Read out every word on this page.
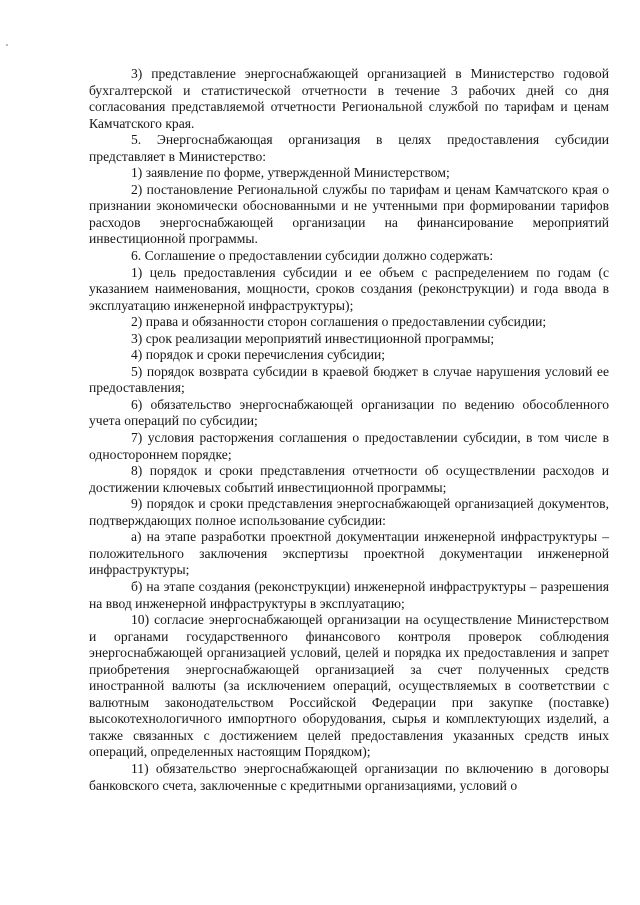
3) представление энергоснабжающей организацией в Министерство годовой бухгалтерской и статистической отчетности в течение 3 рабочих дней со дня согласования представляемой отчетности Региональной службой по тарифам и ценам Камчатского края.

5. Энергоснабжающая организация в целях предоставления субсидии представляет в Министерство:

1) заявление по форме, утвержденной Министерством;

2) постановление Региональной службы по тарифам и ценам Камчатского края о признании экономически обоснованными и не учтенными при формировании тарифов расходов энергоснабжающей организации на финансирование мероприятий инвестиционной программы.

6. Соглашение о предоставлении субсидии должно содержать:

1) цель предоставления субсидии и ее объем с распределением по годам (с указанием наименования, мощности, сроков создания (реконструкции) и года ввода в эксплуатацию инженерной инфраструктуры);

2) права и обязанности сторон соглашения о предоставлении субсидии;

3) срок реализации мероприятий инвестиционной программы;

4) порядок и сроки перечисления субсидии;

5) порядок возврата субсидии в краевой бюджет в случае нарушения условий ее предоставления;

6) обязательство энергоснабжающей организации по ведению обособленного учета операций по субсидии;

7) условия расторжения соглашения о предоставлении субсидии, в том числе в одностороннем порядке;

8) порядок и сроки представления отчетности об осуществлении расходов и достижении ключевых событий инвестиционной программы;

9) порядок и сроки представления энергоснабжающей организацией документов, подтверждающих полное использование субсидии:

а) на этапе разработки проектной документации инженерной инфраструктуры – положительного заключения экспертизы проектной документации инженерной инфраструктуры;

б) на этапе создания (реконструкции) инженерной инфраструктуры – разрешения на ввод инженерной инфраструктуры в эксплуатацию;

10) согласие энергоснабжающей организации на осуществление Министерством и органами государственного финансового контроля проверок соблюдения энергоснабжающей организацией условий, целей и порядка их предоставления и запрет приобретения энергоснабжающей организацией за счет полученных средств иностранной валюты (за исключением операций, осуществляемых в соответствии с валютным законодательством Российской Федерации при закупке (поставке) высокотехнологичного импортного оборудования, сырья и комплектующих изделий, а также связанных с достижением целей предоставления указанных средств иных операций, определенных настоящим Порядком);

11) обязательство энергоснабжающей организации по включению в договоры банковского счета, заключенные с кредитными организациями, условий о
